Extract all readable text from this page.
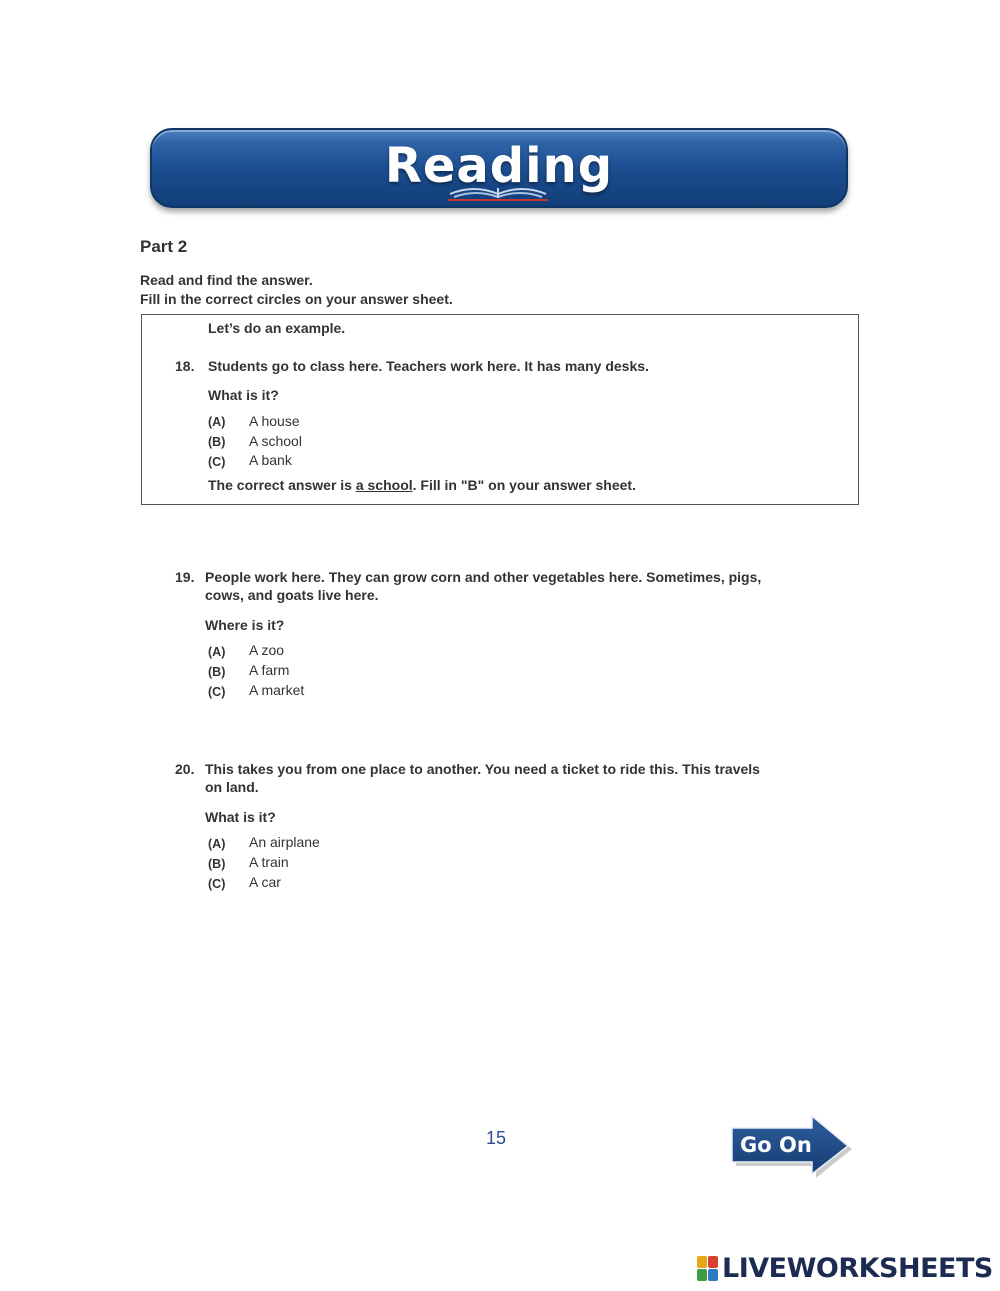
Reading
Part 2
Read and find the answer.
Fill in the correct circles on your answer sheet.
Let’s do an example.
18. Students go to class here. Teachers work here. It has many desks.
What is it?
(A) A house
(B) A school
(C) A bank
The correct answer is a school. Fill in "B" on your answer sheet.
19. People work here. They can grow corn and other vegetables here. Sometimes, pigs,
cows, and goats live here.
Where is it?
(A) A zoo
(B) A farm
(C) A market
20. This takes you from one place to another. You need a ticket to ride this. This travels
on land.
What is it?
(A) An airplane
(B) A train
(C) A car
15	Go On
LIVEWORKSHEETS
